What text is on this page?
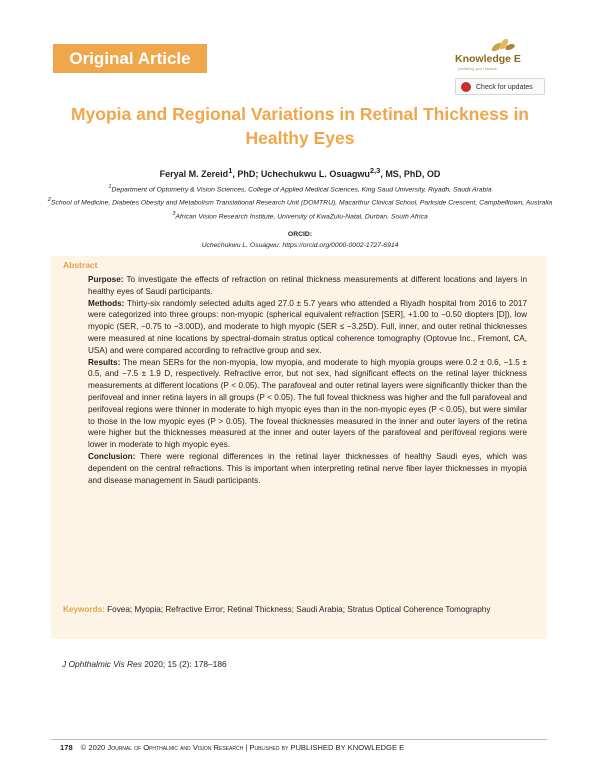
Original Article	Knowledge E
publishing your research
Check for updates
Myopia and Regional Variations in Retinal Thickness in Healthy Eyes
Feryal M. Zereid$^1$, PhD; Uchechukwu L. Osuagwu$^{2,3}$, MS, PhD, OD
$^1$Department of Optometry & Vision Sciences, College of Applied Medical Sciences, King Saud University, Riyadh, Saudi Arabia
$^2$School of Medicine, Diabetes Obesity and Metabolism Translational Research Unit (DOMTRU), Macarthur Clinical School, Parkside Crescent, Campbelltown, Australia
$^3$African Vision Research Institute, University of KwaZulu-Natal, Durban, South Africa
ORCID:
Uchechukwu L. Osuagwu: https://orcid.org/0000-0002-1727-6914
Abstract

Purpose: To investigate the effects of refraction on retinal thickness measurements at different locations and layers in healthy eyes of Saudi participants.

Methods: Thirty-six randomly selected adults aged 27.0 ± 5.7 years who attended a Riyadh hospital from 2016 to 2017 were categorized into three groups: non-myopic (spherical equivalent refraction [SER], +1.00 to −0.50 diopters [D]), low myopic (SER, −0.75 to −3.00D), and moderate to high myopic (SER ≤ −3.25D). Full, inner, and outer retinal thicknesses were measured at nine locations by spectral-domain stratus optical coherence tomography (Optovue Inc., Fremont, CA, USA) and were compared according to refractive group and sex.

Results: The mean SERs for the non-myopia, low myopia, and moderate to high myopia groups were 0.2 ± 0.6, −1.5 ± 0.5, and −7.5 ± 1.9 D, respectively. Refractive error, but not sex, had significant effects on the retinal layer thickness measurements at different locations (P < 0.05). The parafoveal and outer retinal layers were significantly thicker than the perifoveal and inner retina layers in all groups (P < 0.05). The full foveal thickness was higher and the full parafoveal and perifoveal regions were thinner in moderate to high myopic eyes than in the non-myopic eyes (P < 0.05), but were similar to those in the low myopic eyes (P > 0.05). The foveal thicknesses measured in the inner and outer layers of the retina were higher but the thicknesses measured at the inner and outer layers of the parafoveal and perifoveal regions were lower in moderate to high myopic eyes.

Conclusion: There were regional differences in the retinal layer thicknesses of healthy Saudi eyes, which was dependent on the central refractions. This is important when interpreting retinal nerve fiber layer thicknesses in myopia and disease management in Saudi participants.

Keywords: Fovea; Myopia; Refractive Error; Retinal Thickness; Saudi Arabia; Stratus Optical Coherence Tomography
J Ophthalmic Vis Res 2020; 15 (2): 178–186
178 © 2020 Journal of Ophthalmic and Vision Research | Published by PUBLISHED BY KNOWLEDGE E
